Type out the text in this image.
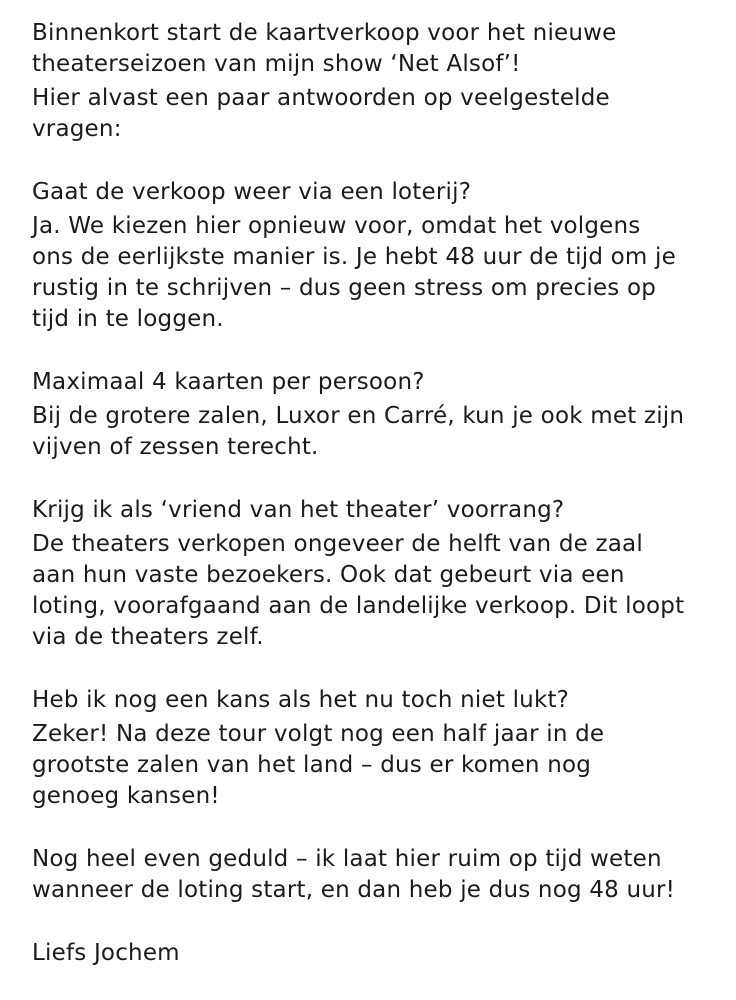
Binnenkort start de kaartverkoop voor het nieuwe

theaterseizoen van mijn show ‘Net Alsof’!

Hier alvast een paar antwoorden op veelgestelde

vragen:

Gaat de verkoop weer via een loterij?

Ja. We kiezen hier opnieuw voor, omdat het volgens

ons de eerlijkste manier is. Je hebt 48 uur de tijd om je

rustig in te schrijven – dus geen stress om precies op

tijd in te loggen.

Maximaal 4 kaarten per persoon?

Bij de grotere zalen, Luxor en Carré, kun je ook met zijn

vijven of zessen terecht.

Krijg ik als ‘vriend van het theater’ voorrang?

De theaters verkopen ongeveer de helft van de zaal

aan hun vaste bezoekers. Ook dat gebeurt via een

loting, voorafgaand aan de landelijke verkoop. Dit loopt

via de theaters zelf.

Heb ik nog een kans als het nu toch niet lukt?

Zeker! Na deze tour volgt nog een half jaar in de

grootste zalen van het land – dus er komen nog

genoeg kansen!

Nog heel even geduld – ik laat hier ruim op tijd weten

wanneer de loting start, en dan heb je dus nog 48 uur!

Liefs Jochem
